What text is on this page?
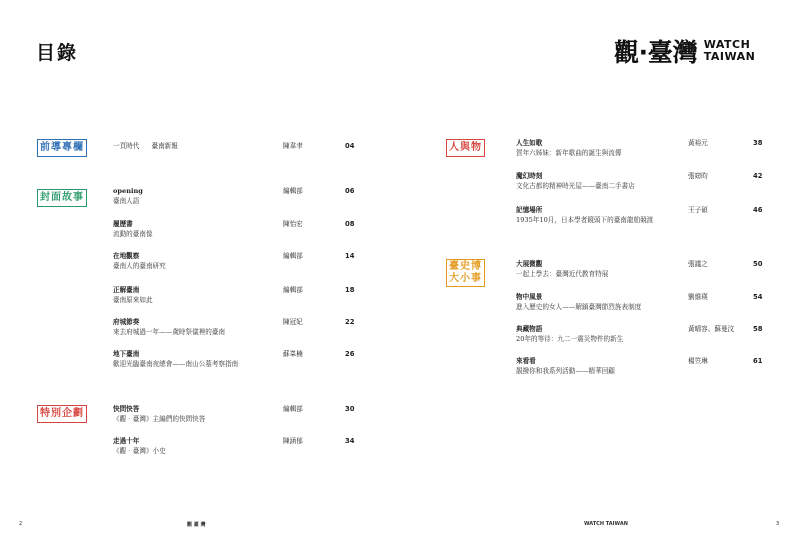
目錄	觀‧臺灣 WATCH
TAIWAN
前導專欄	一頁時代 臺南新報	陳韋聿	04
封面故事
opening
臺南人語
編輯部	06
履歷書
流動的臺南像
陳怡宏	08
在地觀察
臺南人的臺南研究
編輯部	14
正解臺南
臺南原來如此
編輯部	18
府城節奏
來去府城過一年——歲時祭儀裡的臺南
陳冠妃	22
地下臺南
歡迎光臨臺南夜總會——南山公墓考察指南
蘇峯楠	26
特別企劃	快問快答
《觀‧臺灣》主編們的快問快答
編輯部	30
走過十年
《觀‧臺灣》小史
陳涵郁	34
人與物	人生如歌
賀年六姊妹：新年歌曲的誕生與流傳
黃裕元	38
魔幻時刻
文化古都的精神時光屋——臺南二手書店
張窈昀	42
記憶場所
1935年10月，日本學者鏡頭下的臺南龍舶競渡
王子碩	46
臺史博
大小事
大展微觀
一起上學去：臺灣近代教育特展
張議之	50
物中風景
進入歷史的女人——解鎖臺灣節烈旌表制度
劉維瑛	54
典藏物語
20年的等待：九二一震災物件的新生
黃晴容、蘇曼汶	58
來看看
靚撥你和我系列活動——精華回顧
楊笠琳	61
2	觀 臺 灣	WATCH TAIWAN	3
